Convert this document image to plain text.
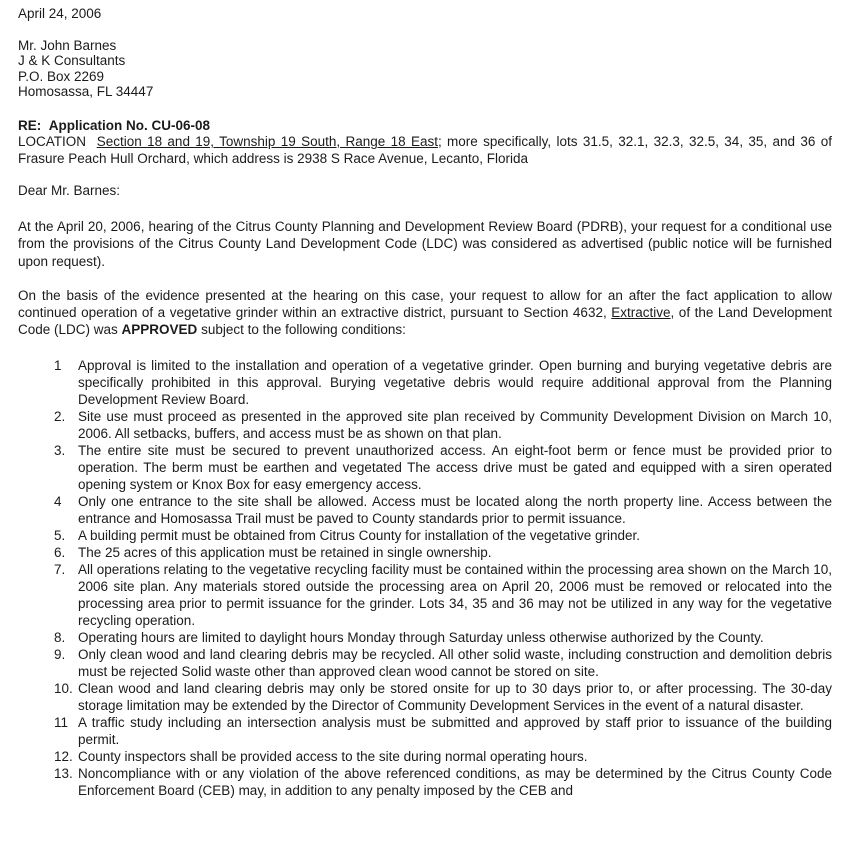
April 24, 2006
Mr. John Barnes
J & K Consultants
P.O. Box 2269
Homosassa, FL 34447
RE: Application No. CU-06-08
LOCATION Section 18 and 19, Township 19 South, Range 18 East; more specifically, lots 31.5, 32.1, 32.3, 32.5, 34, 35, and 36 of Frasure Peach Hull Orchard, which address is 2938 S Race Avenue, Lecanto, Florida
Dear Mr. Barnes:

At the April 20, 2006, hearing of the Citrus County Planning and Development Review Board (PDRB), your request for a conditional use from the provisions of the Citrus County Land Development Code (LDC) was considered as advertised (public notice will be furnished upon request).

On the basis of the evidence presented at the hearing on this case, your request to allow for an after the fact application to allow continued operation of a vegetative grinder within an extractive district, pursuant to Section 4632, Extractive, of the Land Development Code (LDC) was APPROVED subject to the following conditions:

1 Approval is limited to the installation and operation of a vegetative grinder. Open burning and burying vegetative debris are specifically prohibited in this approval. Burying vegetative debris would require additional approval from the Planning Development Review Board.
2. Site use must proceed as presented in the approved site plan received by Community Development Division on March 10, 2006. All setbacks, buffers, and access must be as shown on that plan.
3. The entire site must be secured to prevent unauthorized access. An eight-foot berm or fence must be provided prior to operation. The berm must be earthen and vegetated The access drive must be gated and equipped with a siren operated opening system or Knox Box for easy emergency access.
4 Only one entrance to the site shall be allowed. Access must be located along the north property line. Access between the entrance and Homosassa Trail must be paved to County standards prior to permit issuance.
5. A building permit must be obtained from Citrus County for installation of the vegetative grinder.
6. The 25 acres of this application must be retained in single ownership.
7. All operations relating to the vegetative recycling facility must be contained within the processing area shown on the March 10, 2006 site plan. Any materials stored outside the processing area on April 20, 2006 must be removed or relocated into the processing area prior to permit issuance for the grinder. Lots 34, 35 and 36 may not be utilized in any way for the vegetative recycling operation.
8. Operating hours are limited to daylight hours Monday through Saturday unless otherwise authorized by the County.
9. Only clean wood and land clearing debris may be recycled. All other solid waste, including construction and demolition debris must be rejected Solid waste other than approved clean wood cannot be stored on site.
10. Clean wood and land clearing debris may only be stored onsite for up to 30 days prior to, or after processing. The 30-day storage limitation may be extended by the Director of Community Development Services in the event of a natural disaster.
11 A traffic study including an intersection analysis must be submitted and approved by staff prior to issuance of the building permit.
12. County inspectors shall be provided access to the site during normal operating hours.
13. Noncompliance with or any violation of the above referenced conditions, as may be determined by the Citrus County Code Enforcement Board (CEB) may, in addition to any penalty imposed by the CEB and
